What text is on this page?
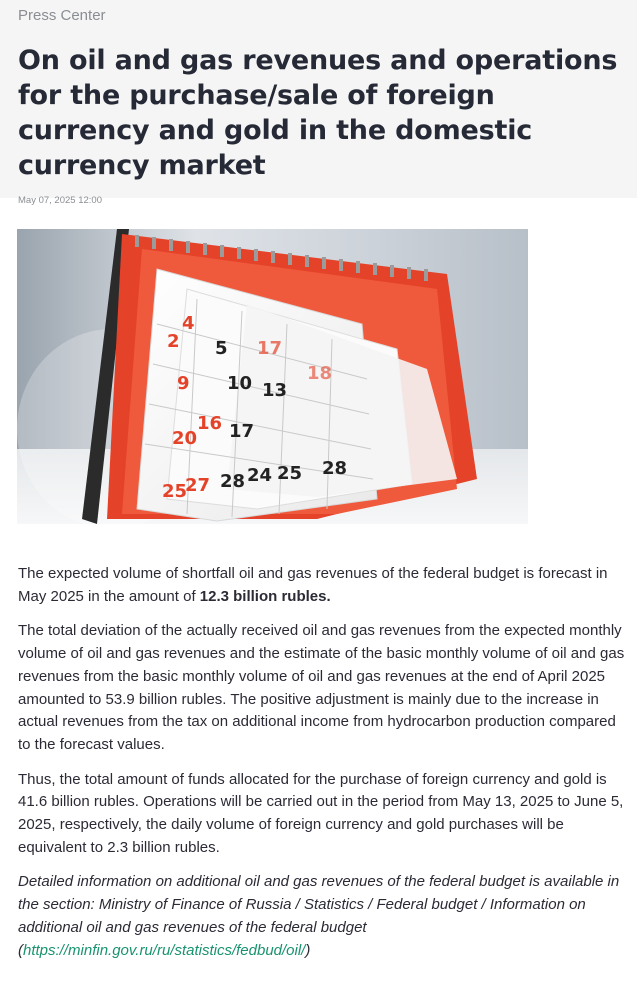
Press Center
On oil and gas revenues and operations for the purchase/sale of foreign currency and gold in the domestic currency market
May 07, 2025 12:00
2
4
5
10 13
9
20
16 17
25
27 28 24 25 28
17
18

The expected volume of shortfall oil and gas revenues of the federal budget is forecast in May 2025 in the amount of 12.3 billion rubles.

The total deviation of the actually received oil and gas revenues from the expected monthly volume of oil and gas revenues and the estimate of the basic monthly volume of oil and gas revenues from the basic monthly volume of oil and gas revenues at the end of April 2025 amounted to 53.9 billion rubles. The positive adjustment is mainly due to the increase in actual revenues from the tax on additional income from hydrocarbon production compared to the forecast values.

Thus, the total amount of funds allocated for the purchase of foreign currency and gold is 41.6 billion rubles. Operations will be carried out in the period from May 13, 2025 to June 5, 2025, respectively, the daily volume of foreign currency and gold purchases will be equivalent to 2.3 billion rubles.

Detailed information on additional oil and gas revenues of the federal budget is available in the section: Ministry of Finance of Russia / Statistics / Federal budget / Information on additional oil and gas revenues of the federal budget (https://minfin.gov.ru/ru/statistics/fedbud/oil/)
